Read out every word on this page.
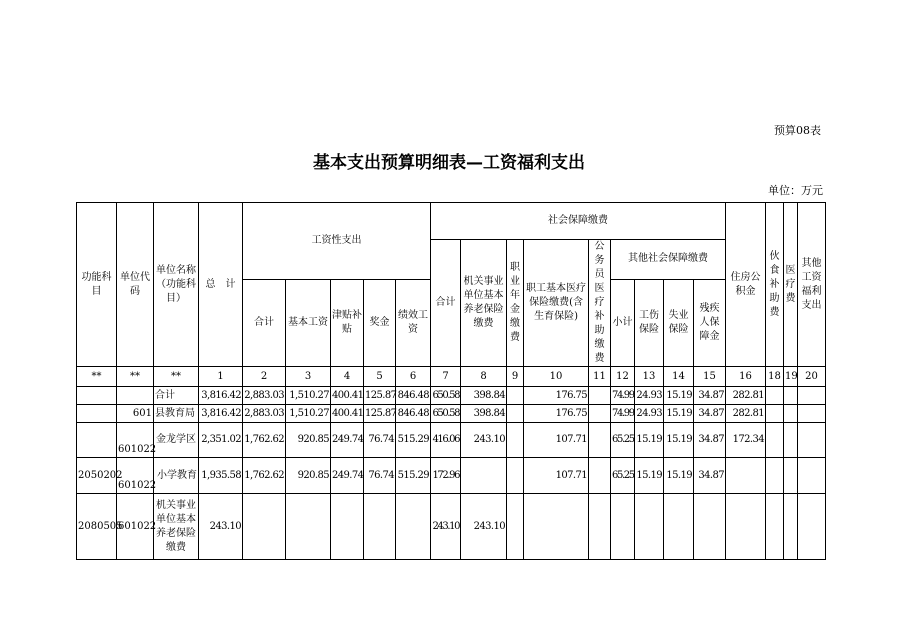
预算08表
基本支出预算明细表—工资福利支出
单位：万元
功能科目	单位代码	单位名称（功能科目）	总　计	工资性支出					社会保障缴费									住房公积金	伙食补助费	医疗费	其他工资福利支出
									合计	机关事业单位基本养老保险缴费	职业年金缴费	职工基本医疗保险缴费(含生育保险)	公务员医疗补助缴费	其他社会保障缴费							
				合计	基本工资	津贴补贴	奖金	绩效工资						小计	工伤保险	失业保险	残疾人保障金				
**	**	**	1	2	3	4	5	6	7	8	9	10	11	12	13	14	15	16	18	19	20
		合计	3,816.42	2,883.03	1,510.27	400.41	125.87	846.48	650.58	398.84		176.75		74.99	24.93	15.19	34.87	282.81			
	601	县教育局	3,816.42	2,883.03	1,510.27	400.41	125.87	846.48	650.58	398.84		176.75		74.99	24.93	15.19	34.87	282.81			
	601022	金龙学区	2,351.02	1,762.62	920.85	249.74	76.74	515.29	416.06	243.10		107.71		65.25	15.19	15.19	34.87	172.34			
2050202	601022	小学教育	1,935.58	1,762.62	920.85	249.74	76.74	515.29	172.96			107.71		65.25	15.19	15.19	34.87				
2080505	601022	机关事业单位基本养老保险缴费	243.10						243.10	243.10											
